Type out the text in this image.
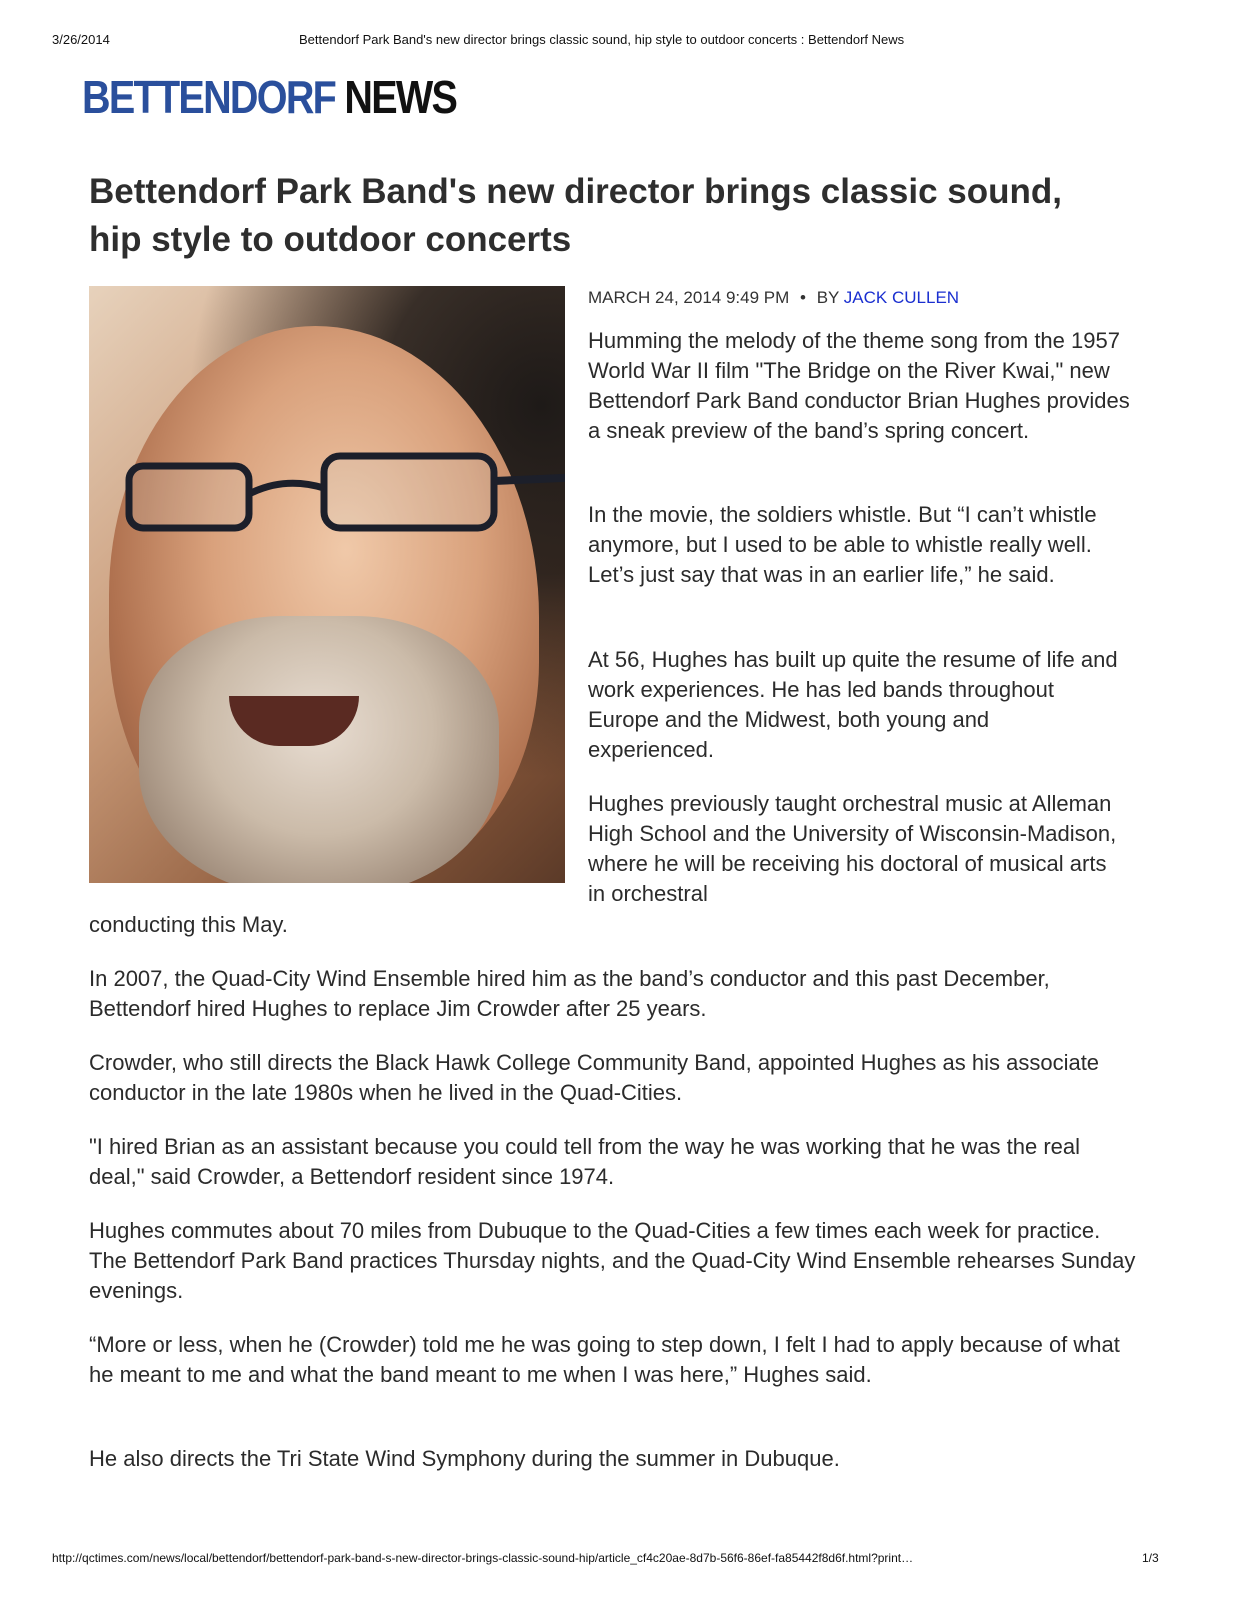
3/26/2014	Bettendorf Park Band's new director brings classic sound, hip style to outdoor concerts : Bettendorf News
BETTENDORF NEWS
Bettendorf Park Band's new director brings classic sound, hip style to outdoor concerts
MARCH 24, 2014 9:49 PM • BY JACK CULLEN

Humming the melody of the theme song from the 1957 World War II film "The Bridge on the River Kwai," new Bettendorf Park Band conductor Brian Hughes provides a sneak preview of the band’s spring concert.

In the movie, the soldiers whistle. But “I can’t whistle anymore, but I used to be able to whistle really well. Let’s just say that was in an earlier life,” he said.

At 56, Hughes has built up quite the resume of life and work experiences. He has led bands throughout Europe and the Midwest, both young and experienced.

Hughes previously taught orchestral music at Alleman High School and the University of Wisconsin-Madison, where he will be receiving his doctoral of musical arts in orchestral

conducting this May.

In 2007, the Quad-City Wind Ensemble hired him as the band’s conductor and this past December, Bettendorf hired Hughes to replace Jim Crowder after 25 years.

Crowder, who still directs the Black Hawk College Community Band, appointed Hughes as his associate conductor in the late 1980s when he lived in the Quad-Cities.

"I hired Brian as an assistant because you could tell from the way he was working that he was the real deal," said Crowder, a Bettendorf resident since 1974.

Hughes commutes about 70 miles from Dubuque to the Quad-Cities a few times each week for practice. The Bettendorf Park Band practices Thursday nights, and the Quad-City Wind Ensemble rehearses Sunday evenings.

“More or less, when he (Crowder) told me he was going to step down, I felt I had to apply because of what he meant to me and what the band meant to me when I was here,” Hughes said.

He also directs the Tri State Wind Symphony during the summer in Dubuque.

http://qctimes.com/news/local/bettendorf/bettendorf-park-band-s-new-director-brings-classic-sound-hip/article_cf4c20ae-8d7b-56f6-86ef-fa85442f8d6f.html?print…	1/3
